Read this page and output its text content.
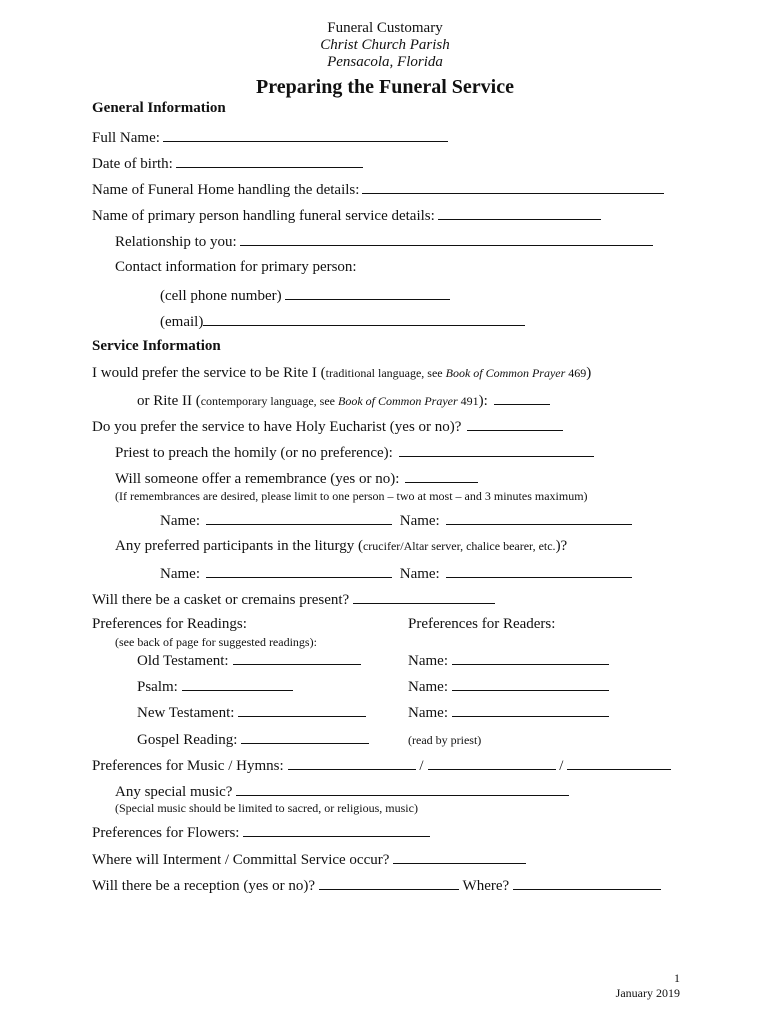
Funeral Customary
Christ Church Parish
Pensacola, Florida
Preparing the Funeral Service
General Information
Full Name:
Date of birth:
Name of Funeral Home handling the details:
Name of primary person handling funeral service details:
Relationship to you:
Contact information for primary person:
(cell phone number)
(email)
Service Information
I would prefer the service to be Rite I (traditional language, see Book of Common Prayer 469)
or Rite II (contemporary language, see Book of Common Prayer 491):
Do you prefer the service to have Holy Eucharist (yes or no)?
Priest to preach the homily (or no preference):
Will someone offer a remembrance (yes or no):
(If remembrances are desired, please limit to one person – two at most – and 3 minutes maximum)
Name:	Name:
Any preferred participants in the liturgy (crucifer/Altar server, chalice bearer, etc.)?
Name:	Name:
Will there be a casket or cremains present?
Preferences for Readings:	Preferences for Readers:
(see back of page for suggested readings):
Old Testament:	Name:
Psalm:	Name:
New Testament:	Name:
Gospel Reading:	(read by priest)
Preferences for Music / Hymns:	/	/
Any special music?
(Special music should be limited to sacred, or religious, music)
Preferences for Flowers:
Where will Interment / Committal Service occur?
Will there be a reception (yes or no)?	Where?
1
January 2019
